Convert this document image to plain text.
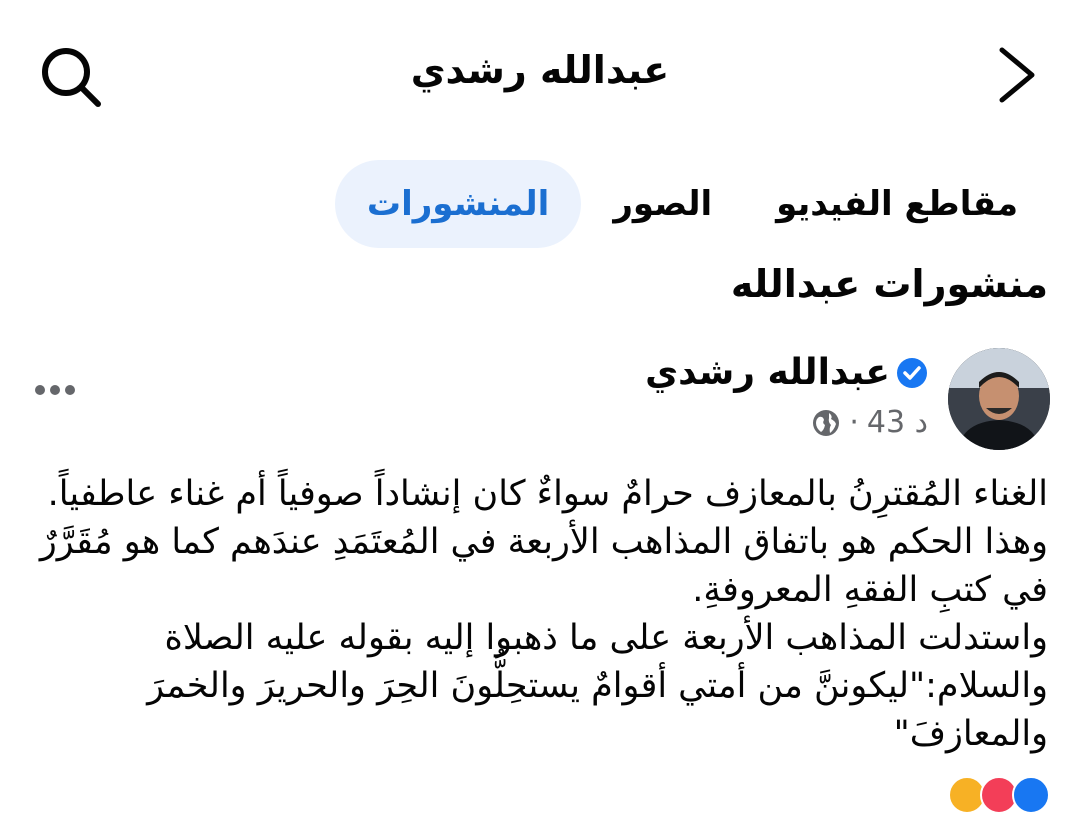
عبدالله رشدي
المنشورات	الصور	مقاطع الفيديو
منشورات عبدالله
عبدالله رشدي
43 د
·

الغناء المُقترِنُ بالمعازف حرامٌ سواءٌ كان إنشاداً صوفياً أم غناء عاطفياً.

وهذا الحكم هو باتفاق المذاهب الأربعة في المُعتَمَدِ عندَهم كما هو مُقَرَّرٌ في كتبِ الفقهِ المعروفةِ.

واستدلت المذاهب الأربعة على ما ذهبوا إليه بقوله عليه الصلاة والسلام:"ليكوننَّ من أمتي أقوامٌ يستحِلُّونَ الحِرَ والحريرَ والخمرَ والمعازفَ"
